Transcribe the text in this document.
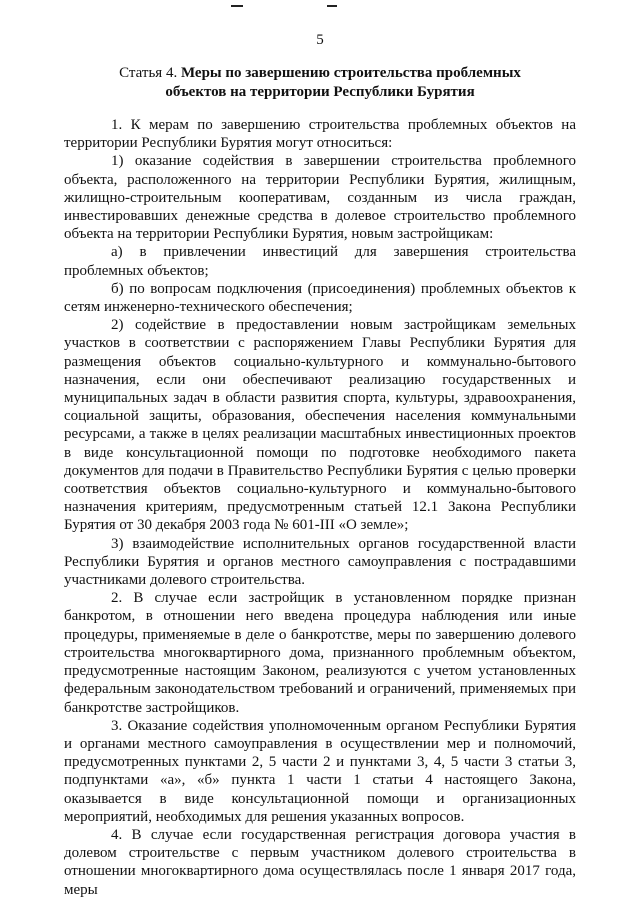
5
Статья 4. Меры по завершению строительства проблемных объектов на территории Республики Бурятия

1. К мерам по завершению строительства проблемных объектов на территории Республики Бурятия могут относиться:

1) оказание содействия в завершении строительства проблемного объекта, расположенного на территории Республики Бурятия, жилищным, жилищно-строительным кооперативам, созданным из числа граждан, инвестировавших денежные средства в долевое строительство проблемного объекта на территории Республики Бурятия, новым застройщикам:

а) в привлечении инвестиций для завершения строительства проблемных объектов;

б) по вопросам подключения (присоединения) проблемных объектов к сетям инженерно-технического обеспечения;

2) содействие в предоставлении новым застройщикам земельных участков в соответствии с распоряжением Главы Республики Бурятия для размещения объектов социально-культурного и коммунально-бытового назначения, если они обеспечивают реализацию государственных и муниципальных задач в области развития спорта, культуры, здравоохранения, социальной защиты, образования, обеспечения населения коммунальными ресурсами, а также в целях реализации масштабных инвестиционных проектов в виде консультационной помощи по подготовке необходимого пакета документов для подачи в Правительство Республики Бурятия с целью проверки соответствия объектов социально-культурного и коммунально-бытового назначения критериям, предусмотренным статьей 12.1 Закона Республики Бурятия от 30 декабря 2003 года № 601-III «О земле»;

3) взаимодействие исполнительных органов государственной власти Республики Бурятия и органов местного самоуправления с пострадавшими участниками долевого строительства.

2. В случае если застройщик в установленном порядке признан банкротом, в отношении него введена процедура наблюдения или иные процедуры, применяемые в деле о банкротстве, меры по завершению долевого строительства многоквартирного дома, признанного проблемным объектом, предусмотренные настоящим Законом, реализуются с учетом установленных федеральным законодательством требований и ограничений, применяемых при банкротстве застройщиков.

3. Оказание содействия уполномоченным органом Республики Бурятия и органами местного самоуправления в осуществлении мер и полномочий, предусмотренных пунктами 2, 5 части 2 и пунктами 3, 4, 5 части 3 статьи 3, подпунктами «а», «б» пункта 1 части 1 статьи 4 настоящего Закона, оказывается в виде консультационной помощи и организационных мероприятий, необходимых для решения указанных вопросов.

4. В случае если государственная регистрация договора участия в долевом строительстве с первым участником долевого строительства в отношении многоквартирного дома осуществлялась после 1 января 2017 года, меры
